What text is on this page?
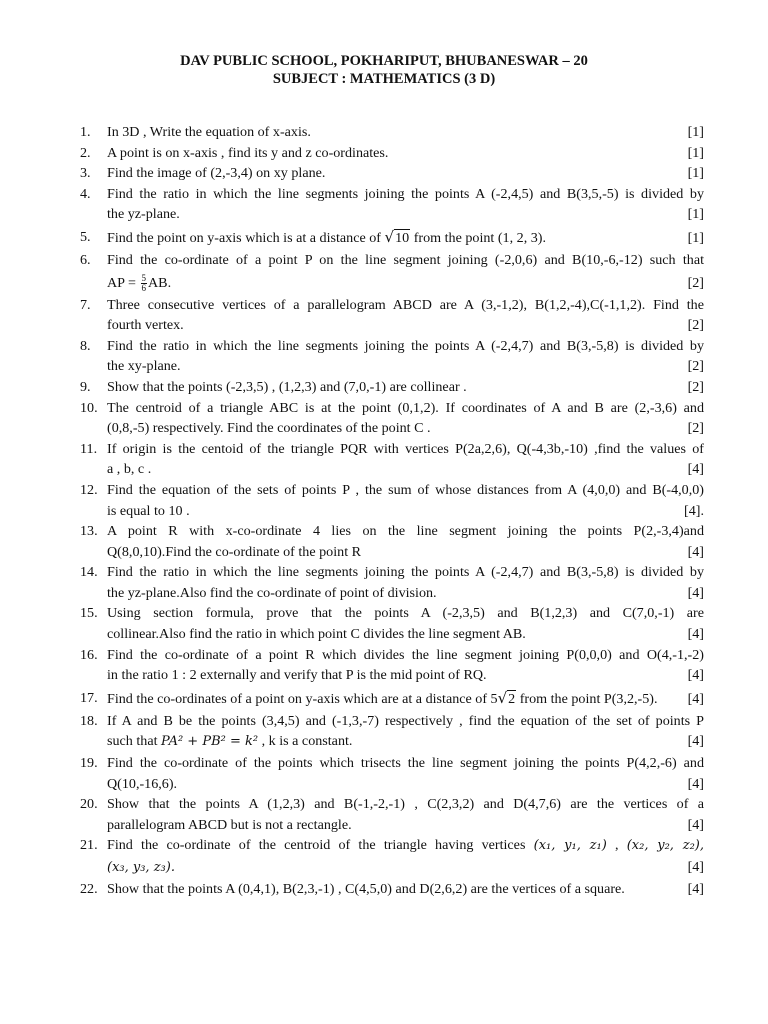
DAV PUBLIC SCHOOL, POKHARIPUT, BHUBANESWAR – 20
SUBJECT : MATHEMATICS (3 D)
1.	In 3D , Write the equation of x-axis.	[1]
2.	A point is on x-axis , find its y and z co-ordinates.	[1]
3.	Find the image of (2,-3,4) on xy plane.	[1]
4.	Find the ratio in which the line segments joining the points A (-2,4,5) and B(3,5,-5) is divided by
the yz-plane.	[1]
5.	Find the point on y-axis which is at a distance of √10 from the point (1, 2, 3).	[1]
6.	Find the co-ordinate of a point P on the line segment joining (-2,0,6) and B(10,-6,-12) such that
AP = $\frac{5}{6}$ AB.	[2]
7.	Three consecutive vertices of a parallelogram ABCD are A (3,-1,2), B(1,2,-4),C(-1,1,2). Find the
fourth vertex.	[2]
8.	Find the ratio in which the line segments joining the points A (-2,4,7) and B(3,-5,8) is divided by
the xy-plane.	[2]
9.	Show that the points (-2,3,5) , (1,2,3) and (7,0,-1) are collinear .	[2]
10. The centroid of a triangle ABC is at the point (0,1,2). If coordinates of A and B are (2,-3,6) and
(0,8,-5) respectively. Find the coordinates of the point C .	[2]
11. If origin is the centoid of the triangle PQR with vertices P(2a,2,6), Q(-4,3b,-10) ,find the values of
a , b, c .	[4]
12. Find the equation of the sets of points P , the sum of whose distances from A (4,0,0) and B(-4,0,0)
is equal to 10 .	[4].
13. A point R with x-co-ordinate 4 lies on the line segment joining the points P(2,-3,4)and
Q(8,0,10).Find the co-ordinate of the point R	[4]
14. Find the ratio in which the line segments joining the points A (-2,4,7) and B(3,-5,8) is divided by
the yz-plane.Also find the co-ordinate of point of division.	[4]
15. Using section formula, prove that the points A (-2,3,5) and B(1,2,3) and C(7,0,-1) are
collinear.Also find the ratio in which point C divides the line segment AB.	[4]
16. Find the co-ordinate of a point R which divides the line segment joining P(0,0,0) and O(4,-1,-2)
in the ratio 1 : 2 externally and verify that P is the mid point of RQ.	[4]
17. Find the co-ordinates of a point on y-axis which are at a distance of 5√2 from the point P(3,2,-5). [4]
18. If A and B be the points (3,4,5) and (-1,3,-7) respectively , find the equation of the set of points P
such that PA² + PB² = k² , k is a constant.	[4]
19. Find the co-ordinate of the points which trisects the line segment joining the points P(4,2,-6) and
Q(10,-16,6).	[4]
20. Show that the points A (1,2,3) and B(-1,-2,-1) , C(2,3,2) and D(4,7,6) are the vertices of a
parallelogram ABCD but is not a rectangle.	[4]
21. Find the co-ordinate of the centroid of the triangle having vertices (x₁, y₁, z₁) , (x₂, y₂, z₂),
(x₃, y₃, z₃).	[4]
22. Show that the points A (0,4,1), B(2,3,-1) , C(4,5,0) and D(2,6,2) are the vertices of a square.	[4]
